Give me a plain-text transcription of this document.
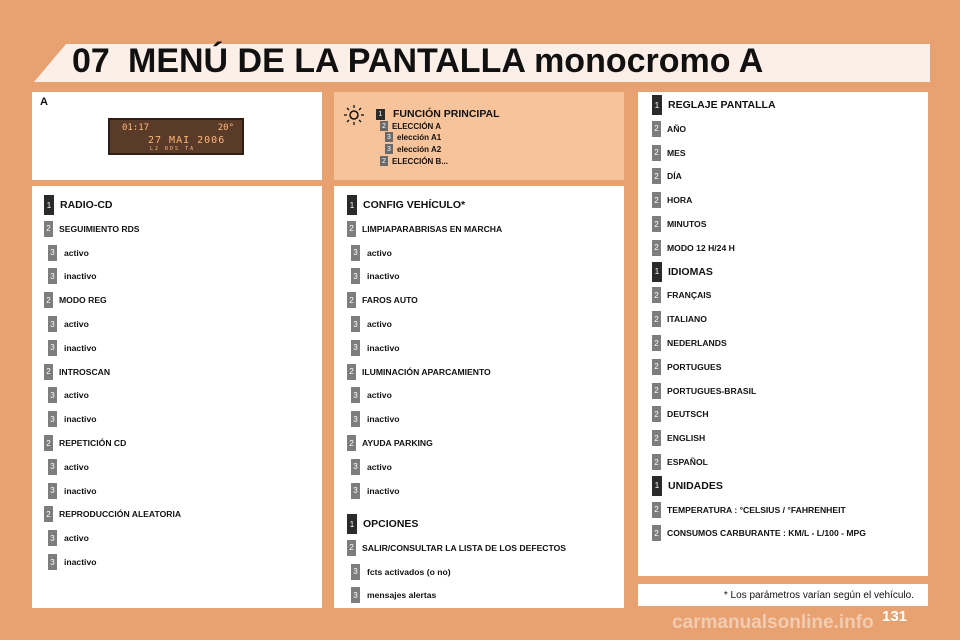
07 MENÚ DE LA PANTALLA monocromo A
A
01:17	20°
27 MAI 2006
L2 RDS TA
1 FUNCIÓN PRINCIPAL
2 ELECCIÓN A
3 elección A1
3 elección A2
2 ELECCIÓN B...
1 RADIO-CD
2 SEGUIMIENTO RDS
3 activo
3 inactivo
2 MODO REG
3 activo
3 inactivo
2 INTROSCAN
3 activo
3 inactivo
2 REPETICIÓN CD
3 activo
3 inactivo
2 REPRODUCCIÓN ALEATORIA
3 activo
3 inactivo
1 CONFIG VEHÍCULO*
2 LIMPIAPARABRISAS EN MARCHA
3 activo
3 inactivo
2 FAROS AUTO
3 activo
3 inactivo
2 ILUMINACIÓN APARCAMIENTO
3 activo
3 inactivo
2 AYUDA PARKING
3 activo
3 inactivo
1 OPCIONES
2 SALIR/CONSULTAR LA LISTA DE LOS DEFECTOS
3 fcts activados (o no)
3 mensajes alertas
1 REGLAJE PANTALLA
2 AÑO
2 MES
2 DÍA
2 HORA
2 MINUTOS
2 MODO 12 H/24 H
1 IDIOMAS
2 FRANÇAIS
2 ITALIANO
2 NEDERLANDS
2 PORTUGUES
2 PORTUGUES-BRASIL
2 DEUTSCH
2 ENGLISH
2 ESPAÑOL
1 UNIDADES
2 TEMPERATURA : °CELSIUS / °FAHRENHEIT
2 CONSUMOS CARBURANTE : KM/L - L/100 - MPG
* Los parámetros varían según el vehículo.
carmanualsonline.info 131
